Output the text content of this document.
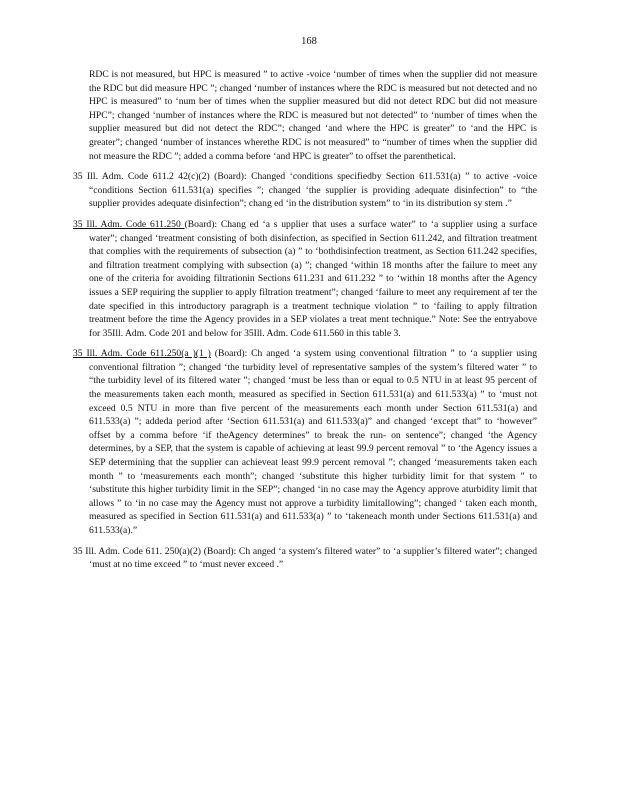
168

RDC is not measured, but HPC is measured ” to active -voice ‘number of times when the supplier did not measure the RDC but did measure HPC ”; changed ‘number of instances where the RDC is measured but not detected and no HPC is measured” to ‘num ber of times when the supplier measured but did not detect RDC but did not measure HPC”; changed ‘number of instances where the RDC is measured but not detected” to ‘number of times when the supplier measured but did not detect the RDC”; changed ‘and where the HPC is greater” to ‘and the HPC is greater”; changed ‘number of instances wherethe RDC is not measured” to “number of times when the supplier did not measure the RDC ”; added a comma before ‘and HPC is greater” to offset the parenthetical.

35 Ill. Adm. Code 611.2 42(c)(2) (Board): Changed ‘conditions specifiedby Section 611.531(a) ” to active -voice “conditions Section 611.531(a) specifies ”; changed ‘the supplier is providing adequate disinfection” to “the supplier provides adequate disinfection”; chang ed ‘in the distribution system” to ‘in its distribution sy stem .”

35 Ill. Adm. Code 611.250 (Board): Chang ed ‘a s upplier that uses a surface water” to ‘a supplier using a surface water”; changed ‘treatment consisting of both disinfection, as specified in Section 611.242, and filtration treatment that complies with the requirements of subsection (a) ” to ‘bothdisinfection treatment, as Section 611.242 specifies, and filtration treatment complying with subsection (a) ”; changed ‘within 18 months after the failure to meet any one of the criteria for avoiding filtrationin Sections 611.231 and 611.232 ” to ‘within 18 months after the Agency issues a SEP requiring the supplier to apply filtration treatment”; changed ‘failure to meet any requirement af ter the date specified in this introductory paragraph is a treatment technique violation ” to ‘failing to apply filtration treatment before the time the Agency provides in a SEP violates a treat ment technique.” Note: See the entryabove for 35Ill. Adm. Code 201 and below for 35Ill. Adm. Code 611.560 in this table 3.

35 Ill. Adm. Code 611.250(a )(1 ) (Board): Ch anged ‘a system using conventional filtration ” to ‘a supplier using conventional filtration ”; changed ‘the turbidity level of representative samples of the system’s filtered water ” to “the turbidity level of its filtered water ”; changed ‘must be less than or equal to 0.5 NTU in at least 95 percent of the measurements taken each month, measured as specified in Section 611.531(a) and 611.533(a) ” to ‘must not exceed 0.5 NTU in more than five percent of the measurements each month under Section 611.531(a) and 611.533(a) ”; addeda period after ‘Section 611.531(a) and 611.533(a)” and changed ‘except that” to ‘however” offset by a comma before ‘if theAgency determines” to break the run- on sentence”; changed ‘the Agency determines, by a SEP, that the system is capable of achieving at least 99.9 percent removal ” to ‘the Agency issues a SEP determining that the supplier can achieveat least 99.9 percent removal ”; changed ‘measurements taken each month ” to ‘measurements each month”; changed ‘substitute this higher turbidity limit for that system ” to ‘substitute this higher turbidity limit in the SEP”; changed ‘in no case may the Agency approve aturbidity limit that allows ” to ‘in no case may the Agency must not approve a turbidity limitallowing”; changed ‘ taken each month, measured as specified in Section 611.531(a) and 611.533(a) ” to ‘takeneach month under Sections 611.531(a) and 611.533(a).”

35 Ill. Adm. Code 611. 250(a)(2) (Board): Ch anged ‘a system’s filtered water” to ‘a supplier’s filtered water”; changed ‘must at no time exceed ” to ‘must never exceed .”
